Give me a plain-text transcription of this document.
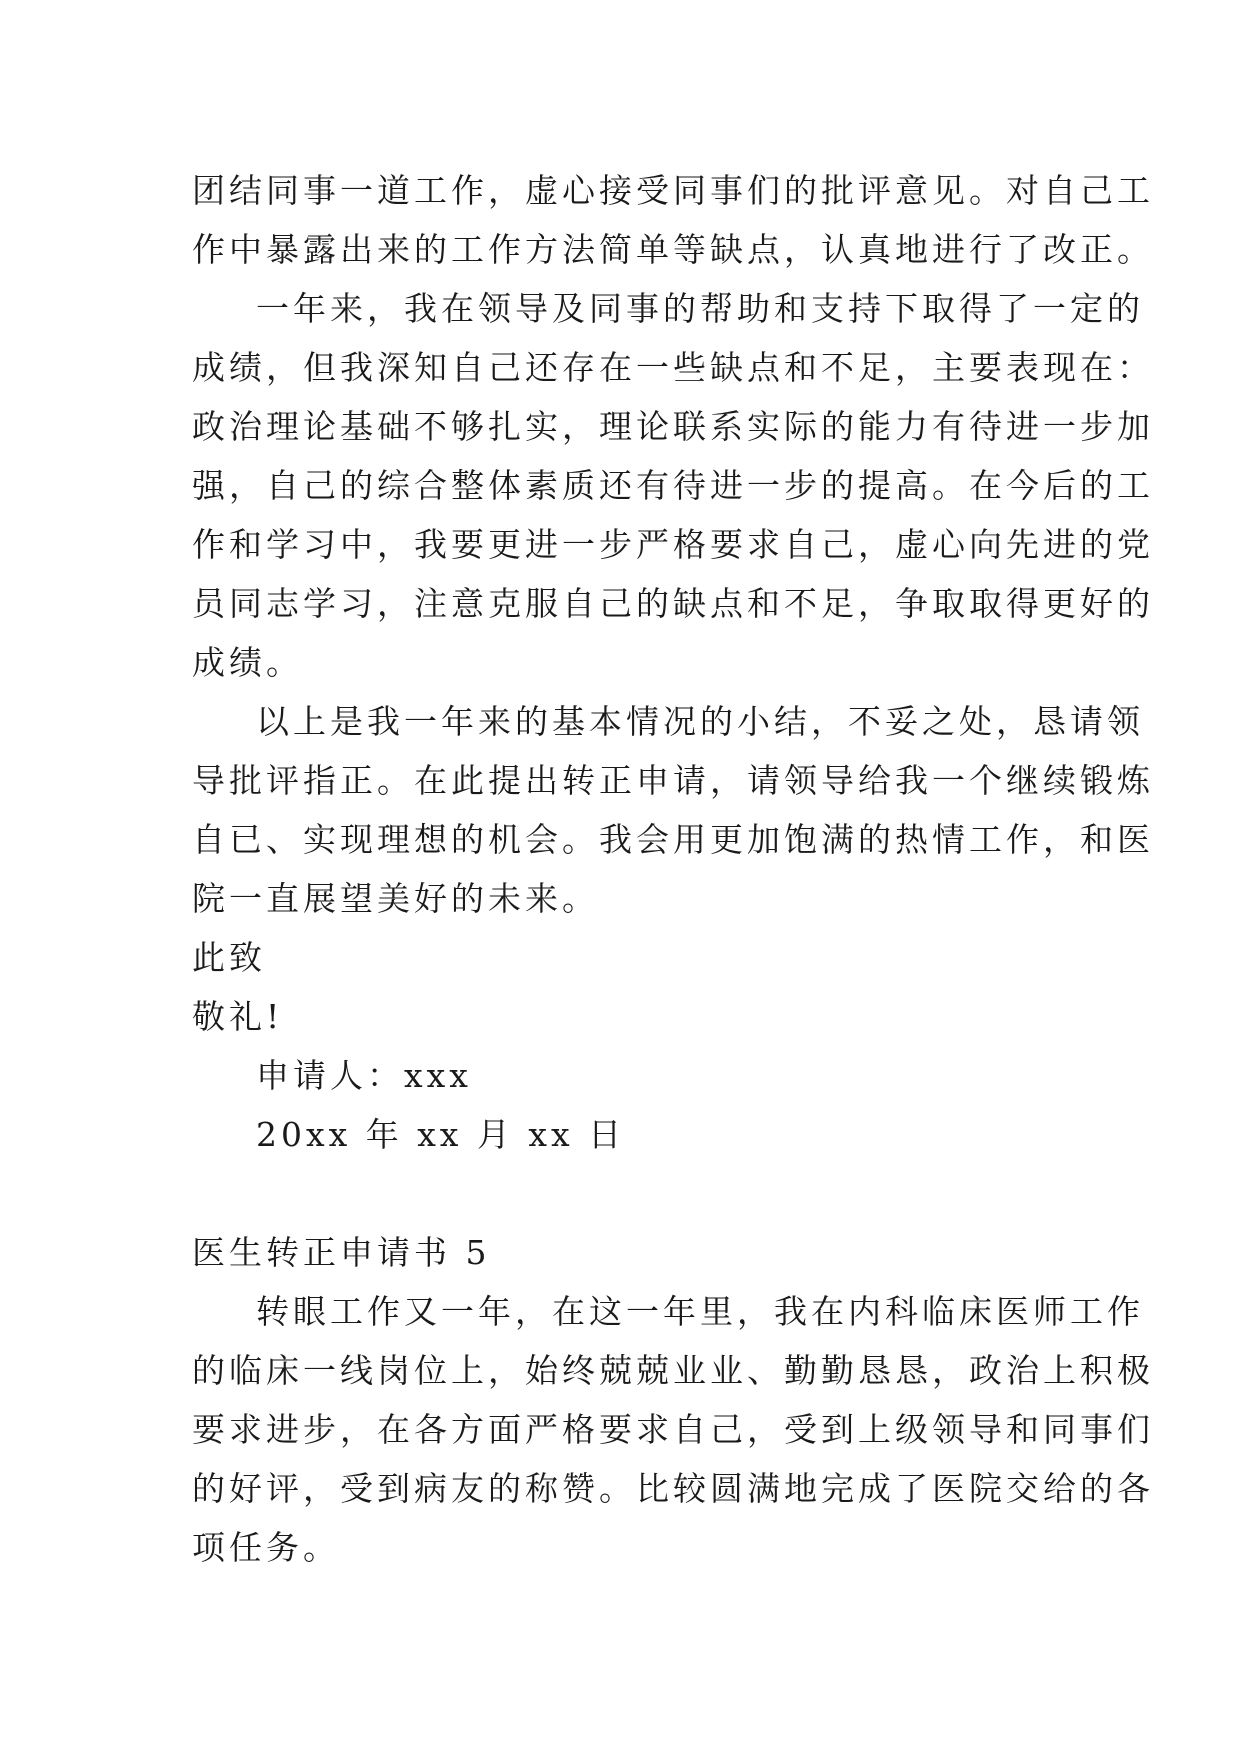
团结同事一道工作，虚心接受同事们的批评意见。对自己工
作中暴露出来的工作方法简单等缺点，认真地进行了改正。
一年来，我在领导及同事的帮助和支持下取得了一定的
成绩，但我深知自己还存在一些缺点和不足，主要表现在：
政治理论基础不够扎实，理论联系实际的能力有待进一步加
强，自己的综合整体素质还有待进一步的提高。在今后的工
作和学习中，我要更进一步严格要求自己，虚心向先进的党
员同志学习，注意克服自己的缺点和不足，争取取得更好的
成绩。
以上是我一年来的基本情况的小结，不妥之处，恳请领
导批评指正。在此提出转正申请，请领导给我一个继续锻炼
自已、实现理想的机会。我会用更加饱满的热情工作，和医
院一直展望美好的未来。
此致
敬礼!
申请人：xxx
20xx 年 xx 月 xx 日
医生转正申请书 5
转眼工作又一年，在这一年里，我在内科临床医师工作
的临床一线岗位上，始终兢兢业业、勤勤恳恳，政治上积极
要求进步，在各方面严格要求自己，受到上级领导和同事们
的好评，受到病友的称赞。比较圆满地完成了医院交给的各
项任务。
